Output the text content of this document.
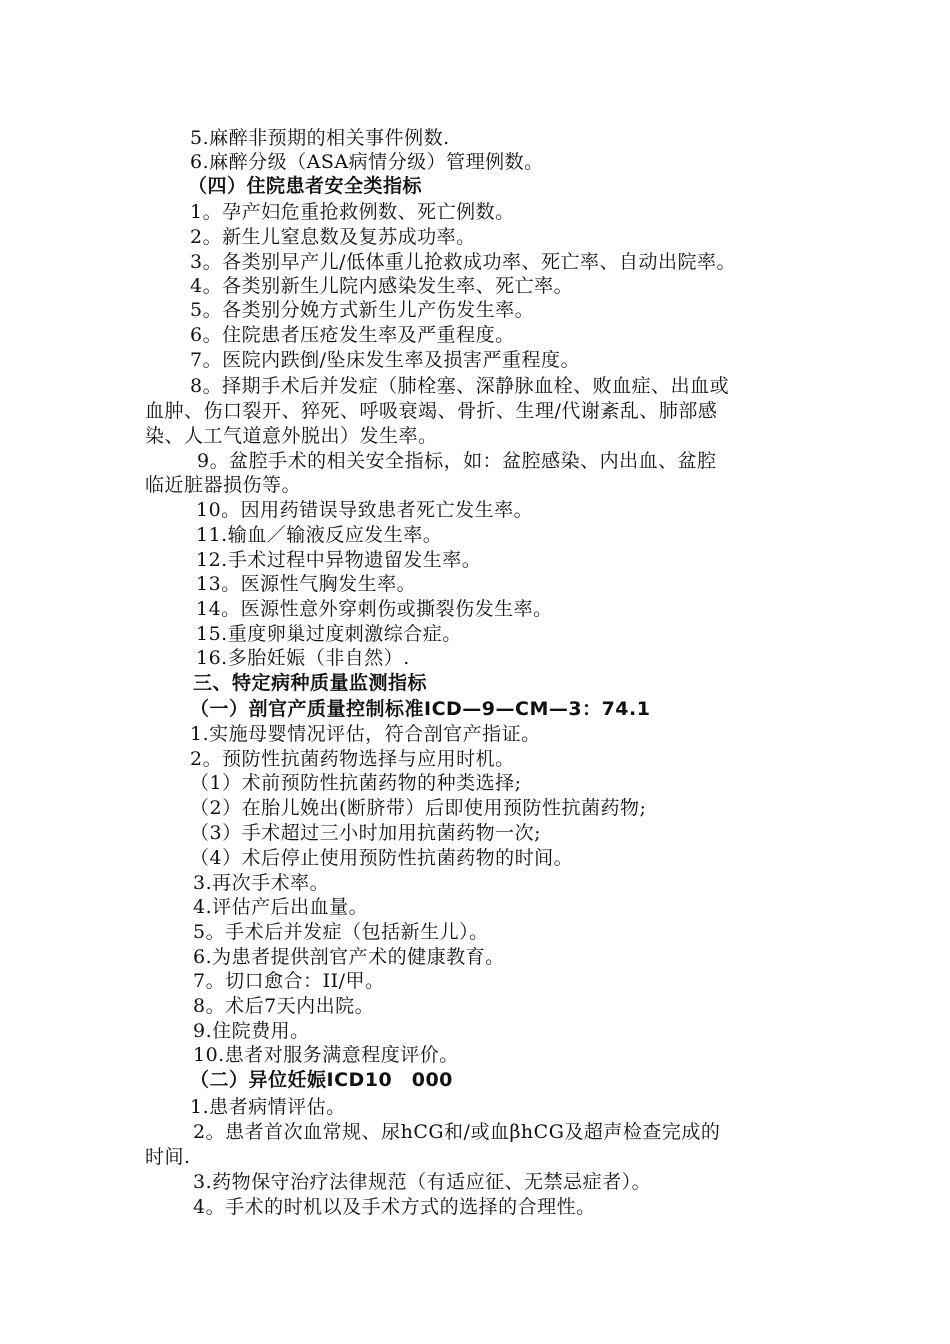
5.麻醉非预期的相关事件例数.
6.麻醉分级（ASA病情分级）管理例数。
（四）住院患者安全类指标
1。孕产妇危重抢救例数、死亡例数。
2。新生儿窒息数及复苏成功率。
3。各类别早产儿/低体重儿抢救成功率、死亡率、自动出院率。
4。各类别新生儿院内感染发生率、死亡率。
5。各类别分娩方式新生儿产伤发生率。
6。住院患者压疮发生率及严重程度。
7。医院内跌倒/坠床发生率及损害严重程度。
8。择期手术后并发症（肺栓塞、深静脉血栓、败血症、出血或
血肿、伤口裂开、猝死、呼吸衰竭、骨折、生理/代谢紊乱、肺部感
染、人工气道意外脱出）发生率。
9。盆腔手术的相关安全指标，如：盆腔感染、内出血、盆腔
临近脏器损伤等。
10。因用药错误导致患者死亡发生率。
11.输血／输液反应发生率。
12.手术过程中异物遗留发生率。
13。医源性气胸发生率。
14。医源性意外穿刺伤或撕裂伤发生率。
15.重度卵巢过度刺激综合症。
16.多胎妊娠（非自然）.
三、特定病种质量监测指标
（一）剖官产质量控制标准ICD—9—CM—3：74.1
1.实施母婴情况评估，符合剖官产指证。
2。预防性抗菌药物选择与应用时机。
（1）术前预防性抗菌药物的种类选择;
（2）在胎儿娩出(断脐带）后即使用预防性抗菌药物;
（3）手术超过三小时加用抗菌药物一次;
（4）术后停止使用预防性抗菌药物的时间。
3.再次手术率。
4.评估产后出血量。
5。手术后并发症（包括新生儿）。
6.为患者提供剖官产术的健康教育。
7。切口愈合：II/甲。
8。术后7天内出院。
9.住院费用。
10.患者对服务满意程度评价。
（二）异位妊娠ICD10　000
1.患者病情评估。
2。患者首次血常规、尿hCG和/或血βhCG及超声检查完成的
时间.
3.药物保守治疗法律规范（有适应征、无禁忌症者）。
4。手术的时机以及手术方式的选择的合理性。
